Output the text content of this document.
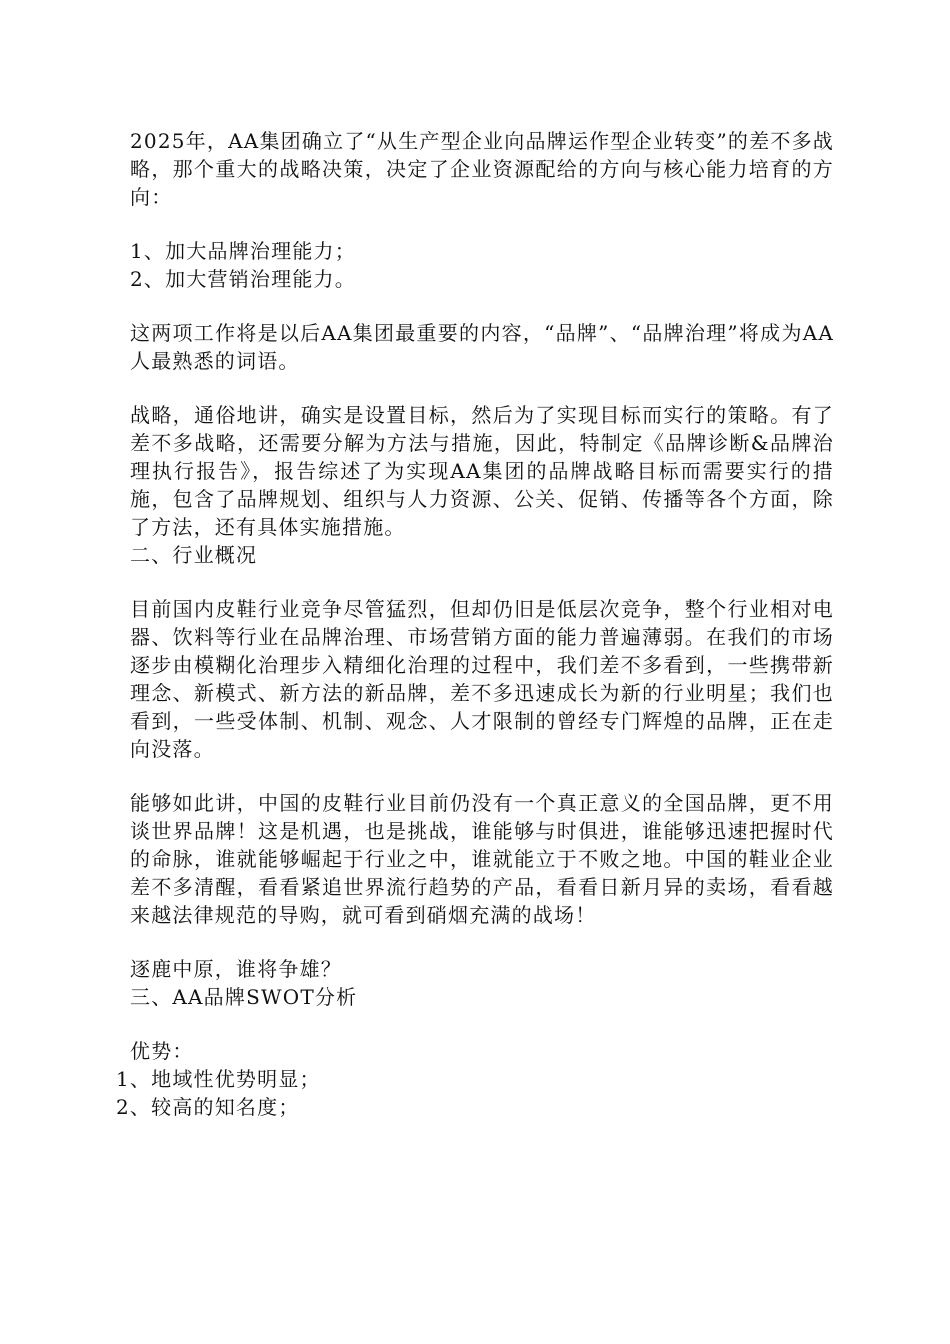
2025年，AA集团确立了“从生产型企业向品牌运作型企业转变”的差不多战略，那个重大的战略决策，决定了企业资源配给的方向与核心能力培育的方向：

1、加大品牌治理能力；

2、加大营销治理能力。

这两项工作将是以后AA集团最重要的内容，“品牌”、“品牌治理”将成为AA人最熟悉的词语。

战略，通俗地讲，确实是设置目标，然后为了实现目标而实行的策略。有了差不多战略，还需要分解为方法与措施，因此，特制定《品牌诊断&品牌治理执行报告》，报告综述了为实现AA集团的品牌战略目标而需要实行的措施，包含了品牌规划、组织与人力资源、公关、促销、传播等各个方面，除了方法，还有具体实施措施。

二、行业概况

目前国内皮鞋行业竞争尽管猛烈，但却仍旧是低层次竞争，整个行业相对电器、饮料等行业在品牌治理、市场营销方面的能力普遍薄弱。在我们的市场逐步由模糊化治理步入精细化治理的过程中，我们差不多看到，一些携带新理念、新模式、新方法的新品牌，差不多迅速成长为新的行业明星；我们也看到，一些受体制、机制、观念、人才限制的曾经专门辉煌的品牌，正在走向没落。

能够如此讲，中国的皮鞋行业目前仍没有一个真正意义的全国品牌，更不用谈世界品牌！这是机遇，也是挑战，谁能够与时俱进，谁能够迅速把握时代的命脉，谁就能够崛起于行业之中，谁就能立于不败之地。中国的鞋业企业差不多清醒，看看紧追世界流行趋势的产品，看看日新月异的卖场，看看越来越法律规范的导购，就可看到硝烟充满的战场！

逐鹿中原，谁将争雄？

三、AA品牌SWOT分析

优势：

1、地域性优势明显；

2、较高的知名度；
